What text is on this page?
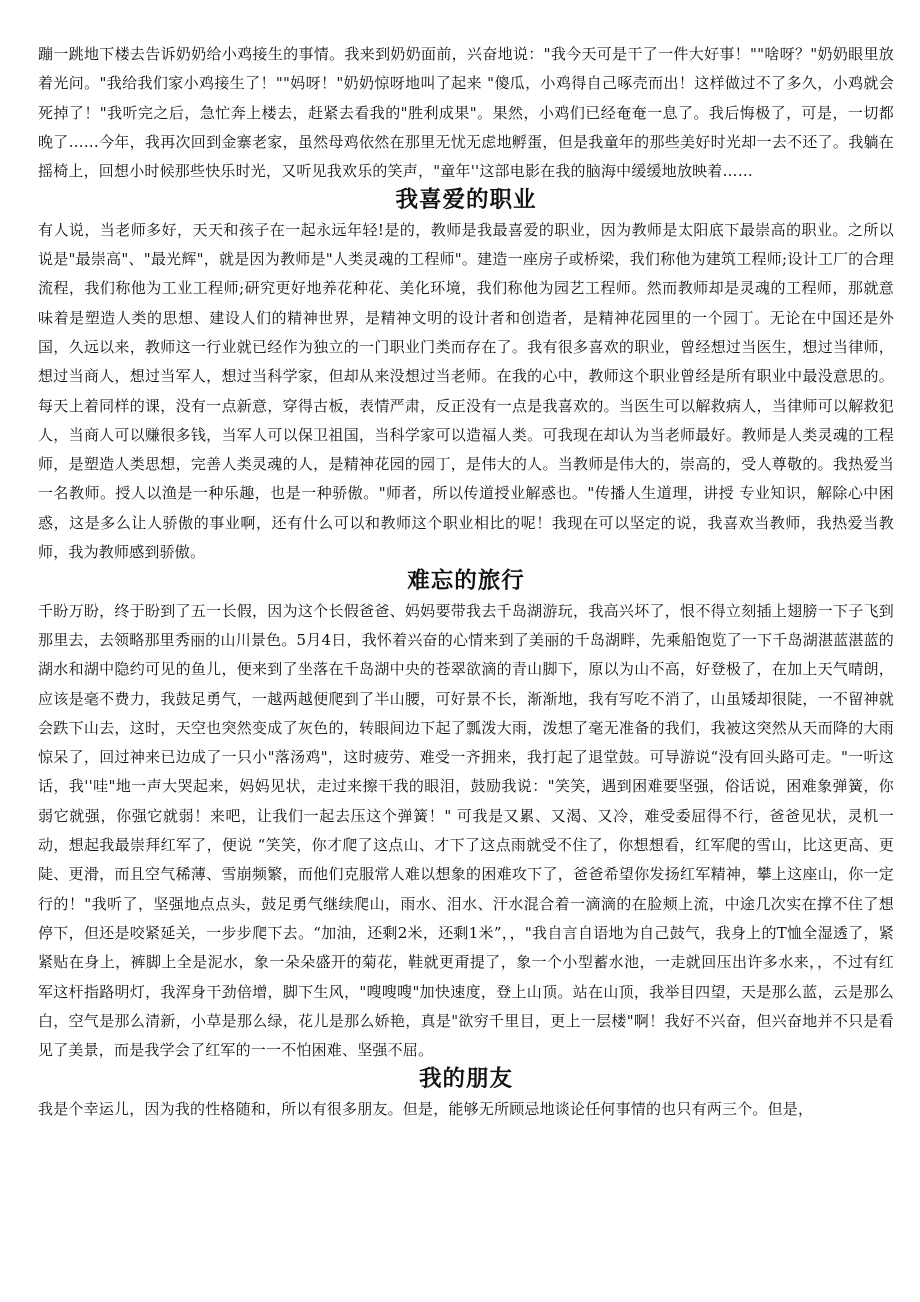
蹦一跳地下楼去告诉奶奶给小鸡接生的事情。我来到奶奶面前，兴奋地说："我今天可是干了一件大好事！""啥呀？"奶奶眼里放着光问。"我给我们家小鸡接生了！""妈呀！"奶奶惊呀地叫了起来 "傻瓜，小鸡得自己啄壳而出！这样做过不了多久，小鸡就会死掉了！"我听完之后，急忙奔上楼去，赶紧去看我的"胜利成果"。果然，小鸡们已经奄奄一息了。我后悔极了，可是，一切都晚了……今年，我再次回到金寨老家，虽然母鸡依然在那里无忧无虑地孵蛋，但是我童年的那些美好时光却一去不还了。我躺在摇椅上，回想小时候那些快乐时光，又听见我欢乐的笑声，"童年''这部电影在我的脑海中缓缓地放映着……

我喜爱的职业

有人说，当老师多好，天天和孩子在一起永远年轻!是的，教师是我最喜爱的职业，因为教师是太阳底下最崇高的职业。之所以说是"最崇高"、"最光辉"，就是因为教师是"人类灵魂的工程师"。建造一座房子或桥梁，我们称他为建筑工程师;设计工厂的合理流程，我们称他为工业工程师;研究更好地养花种花、美化环境，我们称他为园艺工程师。然而教师却是灵魂的工程师，那就意味着是塑造人类的思想、建设人们的精神世界，是精神文明的设计者和创造者，是精神花园里的一个园丁。无论在中国还是外国，久远以来，教师这一行业就已经作为独立的一门职业门类而存在了。我有很多喜欢的职业，曾经想过当医生，想过当律师，想过当商人，想过当军人，想过当科学家，但却从来没想过当老师。在我的心中，教师这个职业曾经是所有职业中最没意思的。每天上着同样的课，没有一点新意，穿得古板，表情严肃，反正没有一点是我喜欢的。当医生可以解救病人，当律师可以解救犯人，当商人可以赚很多钱，当军人可以保卫祖国，当科学家可以造福人类。可我现在却认为当老师最好。教师是人类灵魂的工程师，是塑造人类思想，完善人类灵魂的人，是精神花园的园丁，是伟大的人。当教师是伟大的，崇高的，受人尊敬的。我热爱当一名教师。授人以渔是一种乐趣，也是一种骄傲。"师者，所以传道授业解惑也。"传播人生道理，讲授 专业知识，解除心中困惑，这是多么让人骄傲的事业啊，还有什么可以和教师这个职业相比的呢！我现在可以坚定的说，我喜欢当教师，我热爱当教师，我为教师感到骄傲。

难忘的旅行

千盼万盼，终于盼到了五一长假，因为这个长假爸爸、妈妈要带我去千岛湖游玩，我高兴坏了，恨不得立刻插上翅膀一下子飞到那里去，去领略那里秀丽的山川景色。5月4日，我怀着兴奋的心情来到了美丽的千岛湖畔，先乘船饱览了一下千岛湖湛蓝湛蓝的湖水和湖中隐约可见的鱼儿，便来到了坐落在千岛湖中央的苍翠欲滴的青山脚下，原以为山不高，好登极了，在加上天气晴朗，应该是毫不费力，我鼓足勇气，一越两越便爬到了半山腰，可好景不长，渐渐地，我有写吃不消了，山虽矮却很陡，一不留神就会跌下山去，这时，天空也突然变成了灰色的，转眼间边下起了瓢泼大雨，泼想了毫无准备的我们，我被这突然从天而降的大雨惊呆了，回过神来已边成了一只小"落汤鸡"，这时疲劳、难受一齐拥来，我打起了退堂鼓。可导游说“没有回头路可走。"一听这话，我''哇"地一声大哭起来，妈妈见状，走过来擦干我的眼泪，鼓励我说："笑笑，遇到困难要坚强，俗话说，困难象弹簧，你弱它就强，你强它就弱！来吧，让我们一起去压这个弹簧！" 可我是又累、又渴、又冷，难受委屈得不行，爸爸见状，灵机一动，想起我最崇拜红军了，便说 “笑笑，你才爬了这点山、才下了这点雨就受不住了，你想想看，红军爬的雪山，比这更高、更陡、更滑，而且空气稀薄、雪崩频繁，而他们克服常人难以想象的困难攻下了，爸爸希望你发扬红军精神，攀上这座山，你一定行的！"我听了，坚强地点点头，鼓足勇气继续爬山，雨水、泪水、汗水混合着一滴滴的在脸颊上流，中途几次实在撑不住了想停下，但还是咬紧延关，一步步爬下去。“加油，还剩2米，还剩1米”，，"我自言自语地为自己鼓气，我身上的T恤全湿透了，紧紧贴在身上，裤脚上全是泥水，象一朵朵盛开的菊花，鞋就更甭提了，象一个小型蓄水池，一走就回压出许多水来，，不过有红军这杆指路明灯，我浑身干劲倍增，脚下生风，"嗖嗖嗖"加快速度，登上山顶。站在山顶，我举目四望，天是那么蓝，云是那么白，空气是那么清新，小草是那么绿，花儿是那么娇艳，真是"欲穷千里目，更上一层楼"啊！我好不兴奋，但兴奋地并不只是看见了美景，而是我学会了红军的一一不怕困难、坚强不屈。

我的朋友

我是个幸运儿，因为我的性格随和，所以有很多朋友。但是，能够无所顾忌地谈论任何事情的也只有两三个。但是，
